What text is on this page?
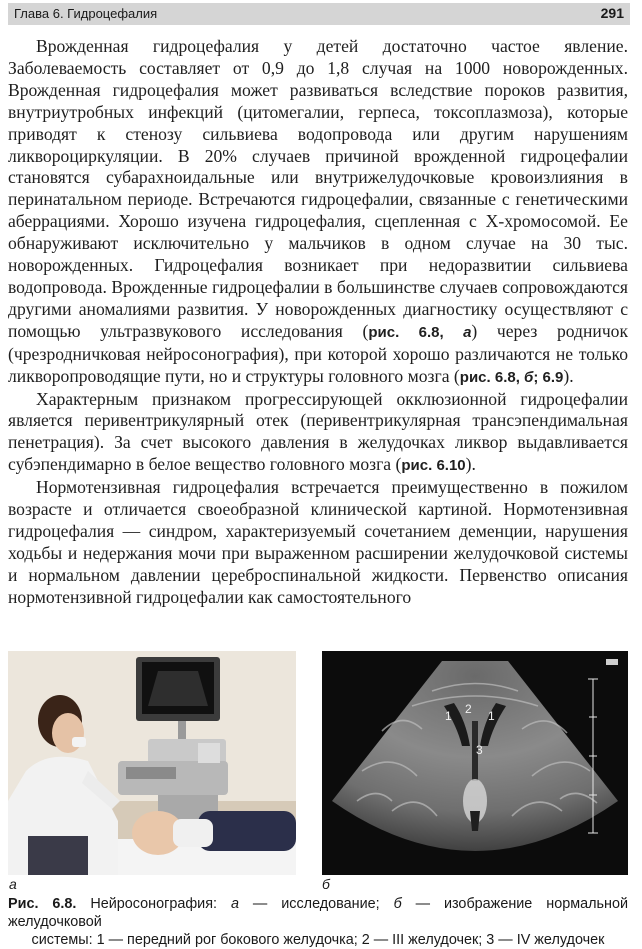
Глава 6. Гидроцефалия	291

Врожденная гидроцефалия у детей достаточно частое явление. Заболеваемость составляет от 0,9 до 1,8 случая на 1000 новорожденных. Врожденная гидроцефалия может развиваться вследствие пороков развития, внутриутробных инфекций (цитомегалии, герпеса, токсоплазмоза), которые приводят к стенозу сильвиева водопровода или другим нарушениям ликвороциркуляции. В 20% случаев причиной врожденной гидроцефалии становятся субарахноидальные или внутрижелудочковые кровоизлияния в перинатальном периоде. Встречаются гидроцефалии, связанные с генетическими аберрациями. Хорошо изучена гидроцефалия, сцепленная с Х-хромосомой. Ее обнаруживают исключительно у мальчиков в одном случае на 30 тыс. новорожденных. Гидроцефалия возникает при недоразвитии сильвиева водопровода. Врожденные гидроцефалии в большинстве случаев сопровождаются другими аномалиями развития. У новорожденных диагностику осуществляют с помощью ультразвукового исследования (рис. 6.8, а) через родничок (чрезродничковая нейросонография), при которой хорошо различаются не только ликворопроводящие пути, но и структуры головного мозга (рис. 6.8, б; 6.9).

Характерным признаком прогрессирующей окклюзионной гидроцефалии является перивентрикулярный отек (перивентрикулярная трансэпендимальная пенетрация). За счет высокого давления в желудочках ликвор выдавливается субэпендимарно в белое вещество головного мозга (рис. 6.10).

Нормотензивная гидроцефалия встречается преимущественно в пожилом возрасте и отличается своеобразной клинической картиной. Нормотензивная гидроцефалия — синдром, характеризуемый сочетанием деменции, нарушения ходьбы и недержания мочи при выраженном расширении желудочковой системы и нормальном давлении цереброспинальной жидкости. Первенство описания нормотензивной гидроцефалии как самостоятельного

1 2 1
3
а	б
Рис. 6.8. Нейросонография: а — исследование; б — изображение нормальной желудочковой
системы: 1 — передний рог бокового желудочка; 2 — III желудочек; 3 — IV желудочек
